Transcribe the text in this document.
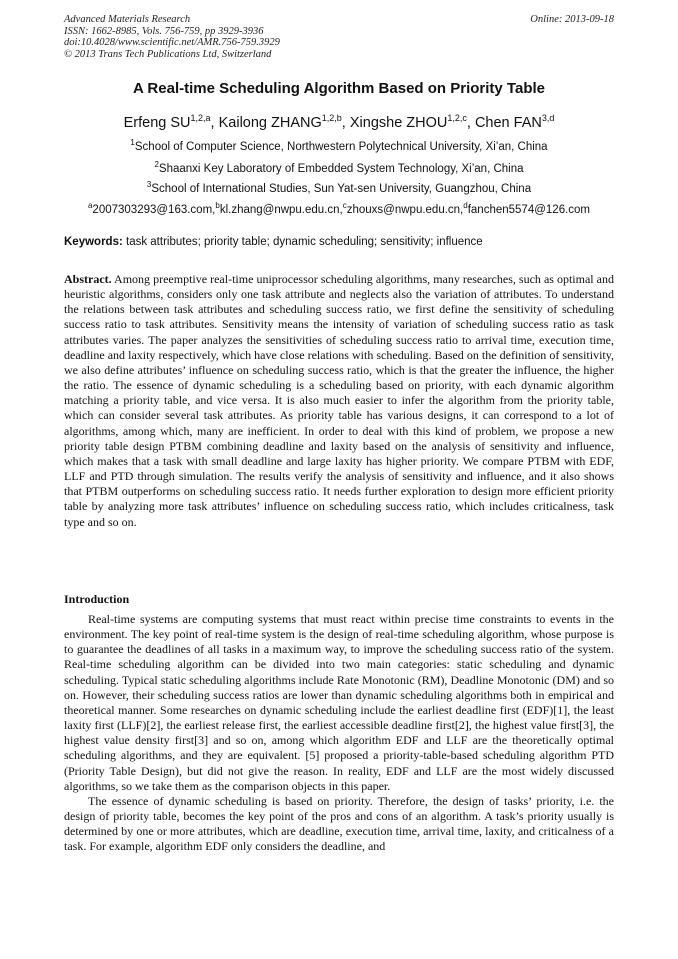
Advanced Materials Research	Online: 2013-09-18
ISSN: 1662-8985, Vols. 756-759, pp 3929-3936
doi:10.4028/www.scientific.net/AMR.756-759.3929
© 2013 Trans Tech Publications Ltd, Switzerland
A Real-time Scheduling Algorithm Based on Priority Table
Erfeng SU$^{1,2,a}$, Kailong ZHANG$^{1,2,b}$, Xingshe ZHOU$^{1,2,c}$, Chen FAN$^{3,d}$
$^1$School of Computer Science, Northwestern Polytechnical University, Xi’an, China
$^2$Shaanxi Key Laboratory of Embedded System Technology, Xi’an, China
$^3$School of International Studies, Sun Yat-sen University, Guangzhou, China
$^a$2007303293@163.com,$^b$kl.zhang@nwpu.edu.cn,$^c$zhouxs@nwpu.edu.cn,$^d$fanchen5574@126.com
Keywords: task attributes; priority table; dynamic scheduling; sensitivity; influence
Abstract. Among preemptive real-time uniprocessor scheduling algorithms, many researches, such as optimal and heuristic algorithms, considers only one task attribute and neglects also the variation of attributes. To understand the relations between task attributes and scheduling success ratio, we first define the sensitivity of scheduling success ratio to task attributes. Sensitivity means the intensity of variation of scheduling success ratio as task attributes varies. The paper analyzes the sensitivities of scheduling success ratio to arrival time, execution time, deadline and laxity respectively, which have close relations with scheduling. Based on the definition of sensitivity, we also define attributes’ influence on scheduling success ratio, which is that the greater the influence, the higher the ratio. The essence of dynamic scheduling is a scheduling based on priority, with each dynamic algorithm matching a priority table, and vice versa. It is also much easier to infer the algorithm from the priority table, which can consider several task attributes. As priority table has various designs, it can correspond to a lot of algorithms, among which, many are inefficient. In order to deal with this kind of problem, we propose a new priority table design PTBM combining deadline and laxity based on the analysis of sensitivity and influence, which makes that a task with small deadline and large laxity has higher priority. We compare PTBM with EDF, LLF and PTD through simulation. The results verify the analysis of sensitivity and influence, and it also shows that PTBM outperforms on scheduling success ratio. It needs further exploration to design more efficient priority table by analyzing more task attributes’ influence on scheduling success ratio, which includes criticalness, task type and so on.
Introduction

Real-time systems are computing systems that must react within precise time constraints to events in the environment. The key point of real-time system is the design of real-time scheduling algorithm, whose purpose is to guarantee the deadlines of all tasks in a maximum way, to improve the scheduling success ratio of the system. Real-time scheduling algorithm can be divided into two main categories: static scheduling and dynamic scheduling. Typical static scheduling algorithms include Rate Monotonic (RM), Deadline Monotonic (DM) and so on. However, their scheduling success ratios are lower than dynamic scheduling algorithms both in empirical and theoretical manner. Some researches on dynamic scheduling include the earliest deadline first (EDF)[1], the least laxity first (LLF)[2], the earliest release first, the earliest accessible deadline first[2], the highest value first[3], the highest value density first[3] and so on, among which algorithm EDF and LLF are the theoretically optimal scheduling algorithms, and they are equivalent. [5] proposed a priority-table-based scheduling algorithm PTD (Priority Table Design), but did not give the reason. In reality, EDF and LLF are the most widely discussed algorithms, so we take them as the comparison objects in this paper.

The essence of dynamic scheduling is based on priority. Therefore, the design of tasks’ priority, i.e. the design of priority table, becomes the key point of the pros and cons of an algorithm. A task’s priority usually is determined by one or more attributes, which are deadline, execution time, arrival time, laxity, and criticalness of a task. For example, algorithm EDF only considers the deadline, and
